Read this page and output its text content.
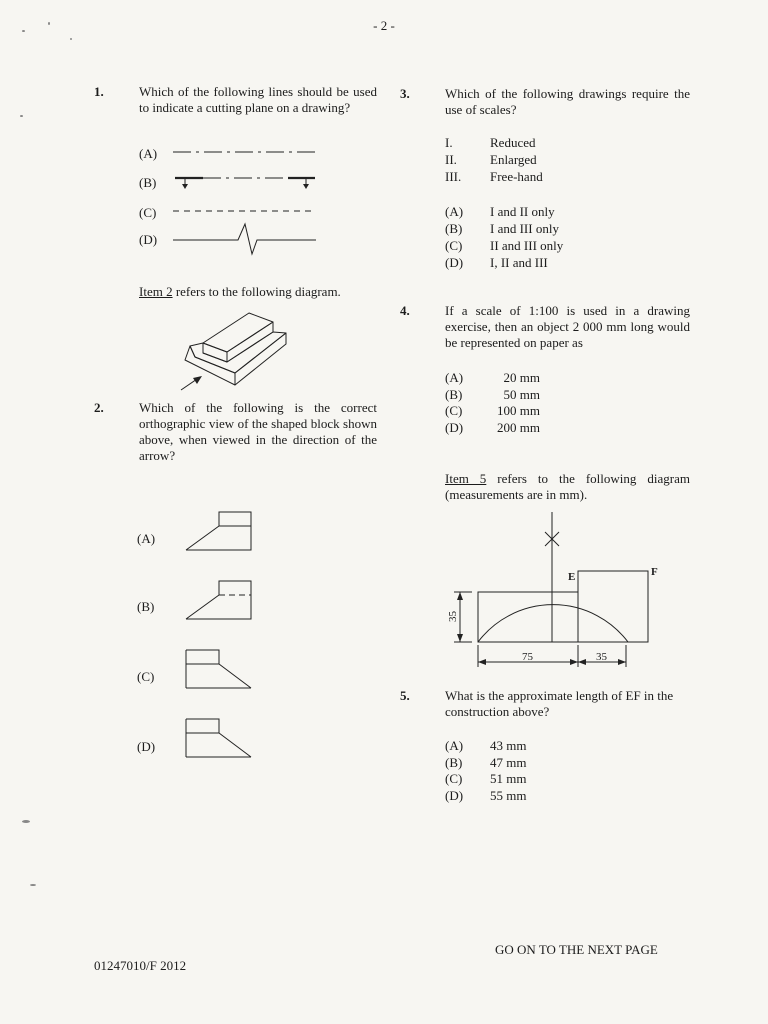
- 2 -
1.	Which of the following lines should be used to indicate a cutting plane on a drawing?
(A)
(B)
(C)
(D)
Item 2 refers to the following diagram.
2.	Which of the following is the correct orthographic view of the shaped block shown above, when viewed in the direction of the arrow?
(A)
(B)
(C)
(D)
3.	Which of the following drawings require the use of scales?
I.	Reduced
II.	Enlarged
III. Free-hand
(A) I and II only
(B) I and III only
(C) II and III only
(D) I, II and III
4.	If a scale of 1:100 is used in a drawing exercise, then an object 2 000 mm long would be represented on paper as
(A)	20 mm
(B)	50 mm
(C)	100 mm
(D)	200 mm
Item 5 refers to the following diagram (measurements are in mm).
E	F
35
75	35
5.	What is the approximate length of EF in the construction above?
(A) 43 mm
(B) 47 mm
(C) 51 mm
(D) 55 mm
01247010/F 2012
GO ON TO THE NEXT PAGE
